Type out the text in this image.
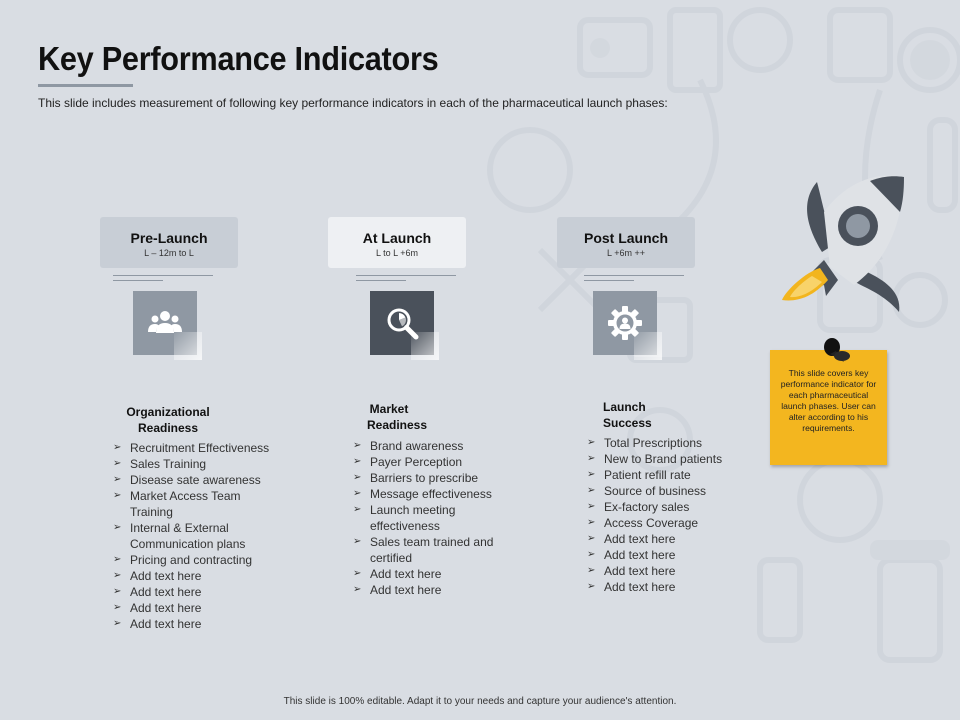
Key Performance Indicators
This slide includes measurement of following key performance indicators in each of the pharmaceutical launch phases:
Pre-Launch
L – 12m to L
Organizational
Readiness
➢ Recruitment Effectiveness
➢ Sales Training
➢ Disease sate awareness
➢ Market Access Team Training
➢ Internal & External Communication plans
➢ Pricing and contracting
➢ Add text here
➢ Add text here
➢ Add text here
➢ Add text here
At Launch
L to L +6m
Market
Readiness
➢ Brand awareness
➢ Payer Perception
➢ Barriers to prescribe
➢ Message effectiveness
➢ Launch meeting effectiveness
➢ Sales team trained and certified
➢ Add text here
➢ Add text here
Post Launch
L +6m ++
Launch
Success
➢ Total Prescriptions
➢ New to Brand patients
➢ Patient refill rate
➢ Source of business
➢ Ex-factory sales
➢ Access Coverage
➢ Add text here
➢ Add text here
➢ Add text here
➢ Add text here
This slide covers key performance indicator for each pharmaceutical launch phases. User can alter according to his requirements.
This slide is 100% editable. Adapt it to your needs and capture your audience's attention.
